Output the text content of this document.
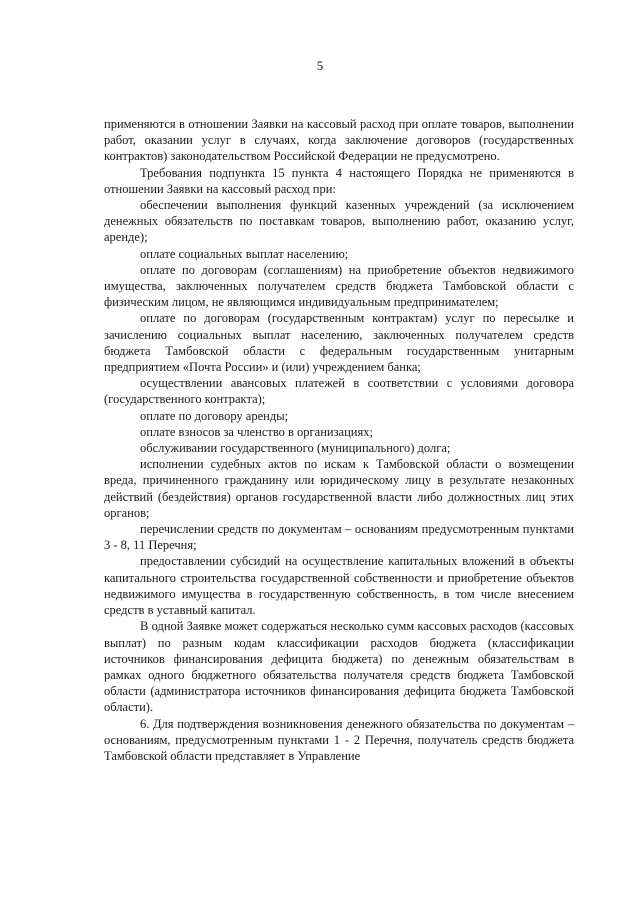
5

применяются в отношении Заявки на кассовый расход при оплате товаров, выполнении работ, оказании услуг в случаях, когда заключение договоров (государственных контрактов) законодательством Российской Федерации не предусмотрено.

Требования подпункта 15 пункта 4 настоящего Порядка не применяются в отношении Заявки на кассовый расход при:

обеспечении выполнения функций казенных учреждений (за исключением денежных обязательств по поставкам товаров, выполнению работ, оказанию услуг, аренде);

оплате социальных выплат населению;

оплате по договорам (соглашениям) на приобретение объектов недвижимого имущества, заключенных получателем средств бюджета Тамбовской области с физическим лицом, не являющимся индивидуальным предпринимателем;

оплате по договорам (государственным контрактам) услуг по пересылке и зачислению социальных выплат населению, заключенных получателем средств бюджета Тамбовской области с федеральным государственным унитарным предприятием «Почта России» и (или) учреждением банка;

осуществлении авансовых платежей в соответствии с условиями договора (государственного контракта);

оплате по договору аренды;

оплате взносов за членство в организациях;

обслуживании государственного (муниципального) долга;

исполнении судебных актов по искам к Тамбовской области о возмещении вреда, причиненного гражданину или юридическому лицу в результате незаконных действий (бездействия) органов государственной власти либо должностных лиц этих органов;

перечислении средств по документам – основаниям предусмотренным пунктами 3 - 8, 11 Перечня;

предоставлении субсидий на осуществление капитальных вложений в объекты капитального строительства государственной собственности и приобретение объектов недвижимого имущества в государственную собственность, в том числе внесением средств в уставный капитал.

В одной Заявке может содержаться несколько сумм кассовых расходов (кассовых выплат) по разным кодам классификации расходов бюджета (классификации источников финансирования дефицита бюджета) по денежным обязательствам в рамках одного бюджетного обязательства получателя средств бюджета Тамбовской области (администратора источников финансирования дефицита бюджета Тамбовской области).

6. Для подтверждения возникновения денежного обязательства по документам – основаниям, предусмотренным пунктами 1 - 2 Перечня, получатель средств бюджета Тамбовской области представляет в Управление
